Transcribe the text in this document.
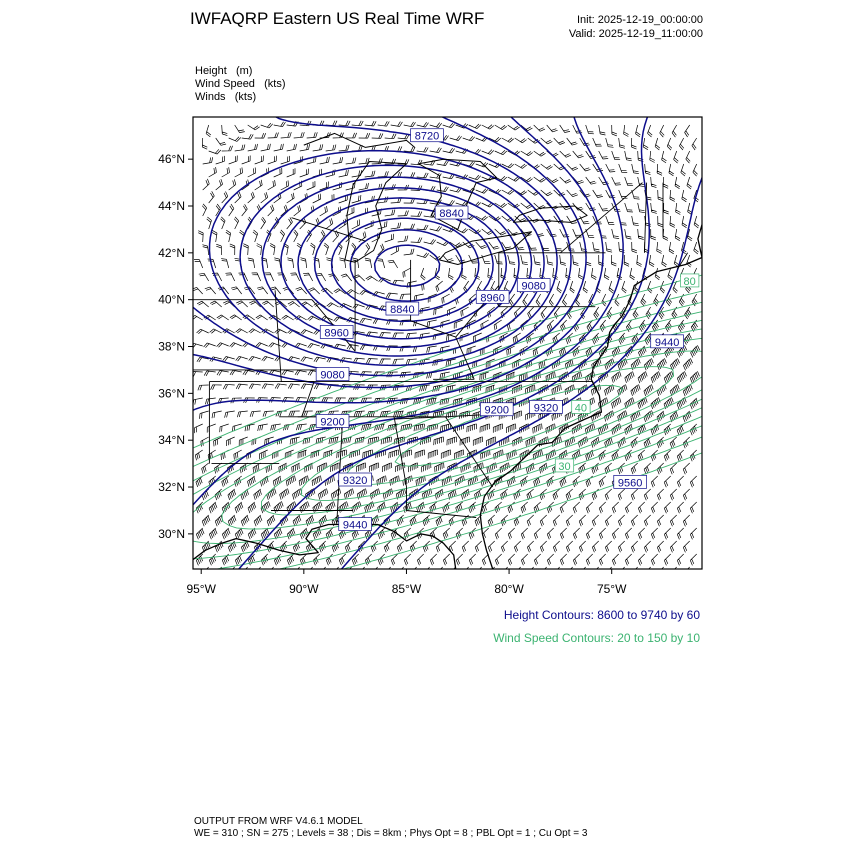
IWFAQRP Eastern US Real Time WRF	Init: 2025-12-19_00:00:00
Valid: 2025-12-19_11:00:00
Height (m)
Wind Speed (kts)
Winds (kts)
8720
8840
8840
8960
9080
9200
9320
9440
8960
9080
9200 9320
9440
9560
40
80
30
46°N
44°N
42°N
40°N
38°N
36°N
34°N
32°N
30°N
95°W	90°W	85°W	80°W	75°W
Height Contours: 8600 to 9740 by 60
Wind Speed Contours: 20 to 150 by 10
OUTPUT FROM WRF V4.6.1 MODEL
WE = 310 ; SN = 275 ; Levels = 38 ; Dis = 8km ; Phys Opt = 8 ; PBL Opt = 1 ; Cu Opt = 3
